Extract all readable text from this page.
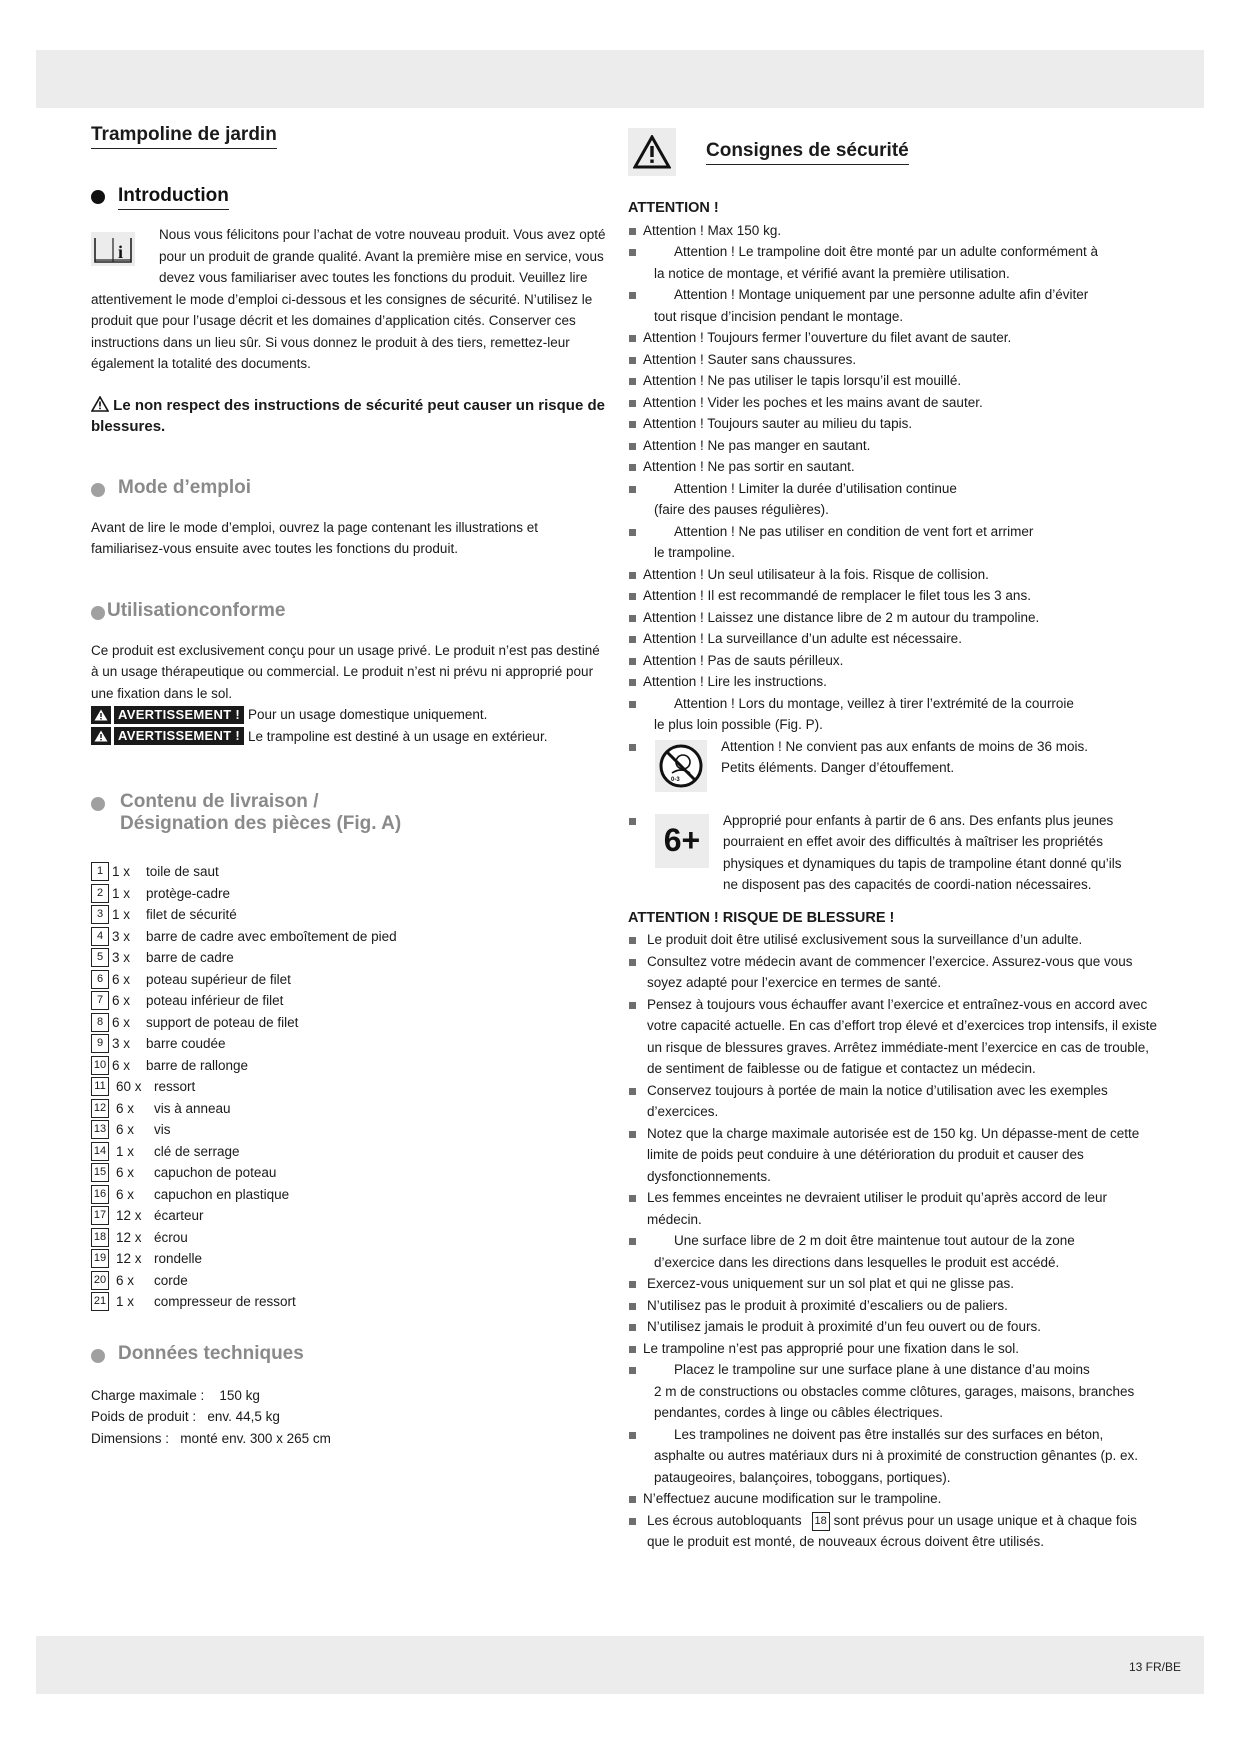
Trampoline de jardin
Introduction
i

Nous vous félicitons pour l’achat de votre nouveau produit. Vous avez opté pour un produit de grande qualité. Avant la première mise en service, vous devez vous familiariser avec toutes les fonctions du produit. Veuillez lire attentivement le mode d’emploi ci-dessous et les consignes de sécurité. N’utilisez le produit que pour l’usage décrit et les domaines d’application cités. Conserver ces instructions dans un lieu sûr. Si vous donnez le produit à des tiers, remettez-leur également la totalité des documents.

Le non respect des instructions de sécurité peut causer un risque de blessures.

Mode d’emploi

Avant de lire le mode d’emploi, ouvrez la page contenant les illustrations et familiarisez-vous ensuite avec toutes les fonctions du produit.

Utilisationconforme

Ce produit est exclusivement conçu pour un usage privé. Le produit n’est pas destiné à un usage thérapeutique ou commercial. Le produit n’est ni prévu ni approprié pour une fixation dans le sol.

AVERTISSEMENT ! Pour un usage domestique uniquement.
AVERTISSEMENT ! Le trampoline est destiné à un usage en extérieur.
Contenu de livraison /
Désignation des pièces (Fig. A)
1 1 x	toile de saut
2 1 x	protège-cadre
3 1 x	filet de sécurité
4 3 x	barre de cadre avec emboîtement de pied
5 3 x	barre de cadre
6 6 x	poteau supérieur de filet
7 6 x	poteau inférieur de filet
8 6 x	support de poteau de filet
9 3 x	barre coudée
10 6 x	barre de rallonge
11 60 x ressort
12 6 x	vis à anneau
13 6 x	vis
14 1 x	clé de serrage
15 6 x	capuchon de poteau
16 6 x	capuchon en plastique
17 12 x écarteur
18 12 x écrou
19 12 x rondelle
20 6 x	corde
21 1 x	compresseur de ressort
Données techniques
Charge maximale : 150 kg
Poids de produit : env. 44,5 kg
Dimensions : monté env. 300 x 265 cm
Consignes de sécurité

ATTENTION !

Attention ! Max 150 kg.
Attention ! Le trampoline doit être monté par un adulte conformément à
la notice de montage, et vérifié avant la première utilisation.
Attention ! Montage uniquement par une personne adulte afin d’éviter
tout risque d’incision pendant le montage.
Attention ! Toujours fermer l’ouverture du filet avant de sauter.
Attention ! Sauter sans chaussures.
Attention ! Ne pas utiliser le tapis lorsqu’il est mouillé.
Attention ! Vider les poches et les mains avant de sauter.
Attention ! Toujours sauter au milieu du tapis.
Attention ! Ne pas manger en sautant.
Attention ! Ne pas sortir en sautant.
Attention ! Limiter la durée d’utilisation continue
(faire des pauses régulières).
Attention ! Ne pas utiliser en condition de vent fort et arrimer
le trampoline.
Attention ! Un seul utilisateur à la fois. Risque de collision.
Attention ! Il est recommandé de remplacer le filet tous les 3 ans.
Attention ! Laissez une distance libre de 2 m autour du trampoline.
Attention ! La surveillance d’un adulte est nécessaire.
Attention ! Pas de sauts périlleux.
Attention ! Lire les instructions.
Attention ! Lors du montage, veillez à tirer l’extrémité de la courroie
le plus loin possible (Fig. P).
0-3
Attention ! Ne convient pas aux enfants de moins de 36 mois.
Petits éléments. Danger d’étouffement.
6+
Approprié pour enfants à partir de 6 ans. Des enfants plus jeunes pourraient en effet avoir des difficultés à maîtriser les propriétés physiques et dynamiques du tapis de trampoline étant donné qu’ils ne disposent pas des capacités de coordi-nation nécessaires.

ATTENTION ! RISQUE DE BLESSURE !

Le produit doit être utilisé exclusivement sous la surveillance d’un adulte.
Consultez votre médecin avant de commencer l’exercice. Assurez-vous que vous soyez adapté pour l’exercice en termes de santé.
Pensez à toujours vous échauffer avant l’exercice et entraînez-vous en accord avec votre capacité actuelle. En cas d’effort trop élevé et d’exercices trop intensifs, il existe un risque de blessures graves. Arrêtez immédiate-ment l’exercice en cas de trouble, de sentiment de faiblesse ou de fatigue et contactez un médecin.
Conservez toujours à portée de main la notice d’utilisation avec les exemples d’exercices.
Notez que la charge maximale autorisée est de 150 kg. Un dépasse-ment de cette limite de poids peut conduire à une détérioration du produit et causer des dysfonctionnements.
Les femmes enceintes ne devraient utiliser le produit qu’après accord de leur médecin.
Une surface libre de 2 m doit être maintenue tout autour de la zone
d’exercice dans les directions dans lesquelles le produit est accédé.
Exercez-vous uniquement sur un sol plat et qui ne glisse pas.
N’utilisez pas le produit à proximité d’escaliers ou de paliers.
N’utilisez jamais le produit à proximité d’un feu ouvert ou de fours.
Le trampoline n’est pas approprié pour une fixation dans le sol.
Placez le trampoline sur une surface plane à une distance d’au moins
2 m de constructions ou obstacles comme clôtures, garages, maisons, branches pendantes, cordes à linge ou câbles électriques.
Les trampolines ne doivent pas être installés sur des surfaces en béton,
asphalte ou autres matériaux durs ni à proximité de construction gênantes (p. ex. pataugeoires, balançoires, toboggans, portiques).
N’effectuez aucune modification sur le trampoline.
Les écrous autobloquants 18 sont prévus pour un usage unique et à chaque fois que le produit est monté, de nouveaux écrous doivent être utilisés.
13 FR/BE
